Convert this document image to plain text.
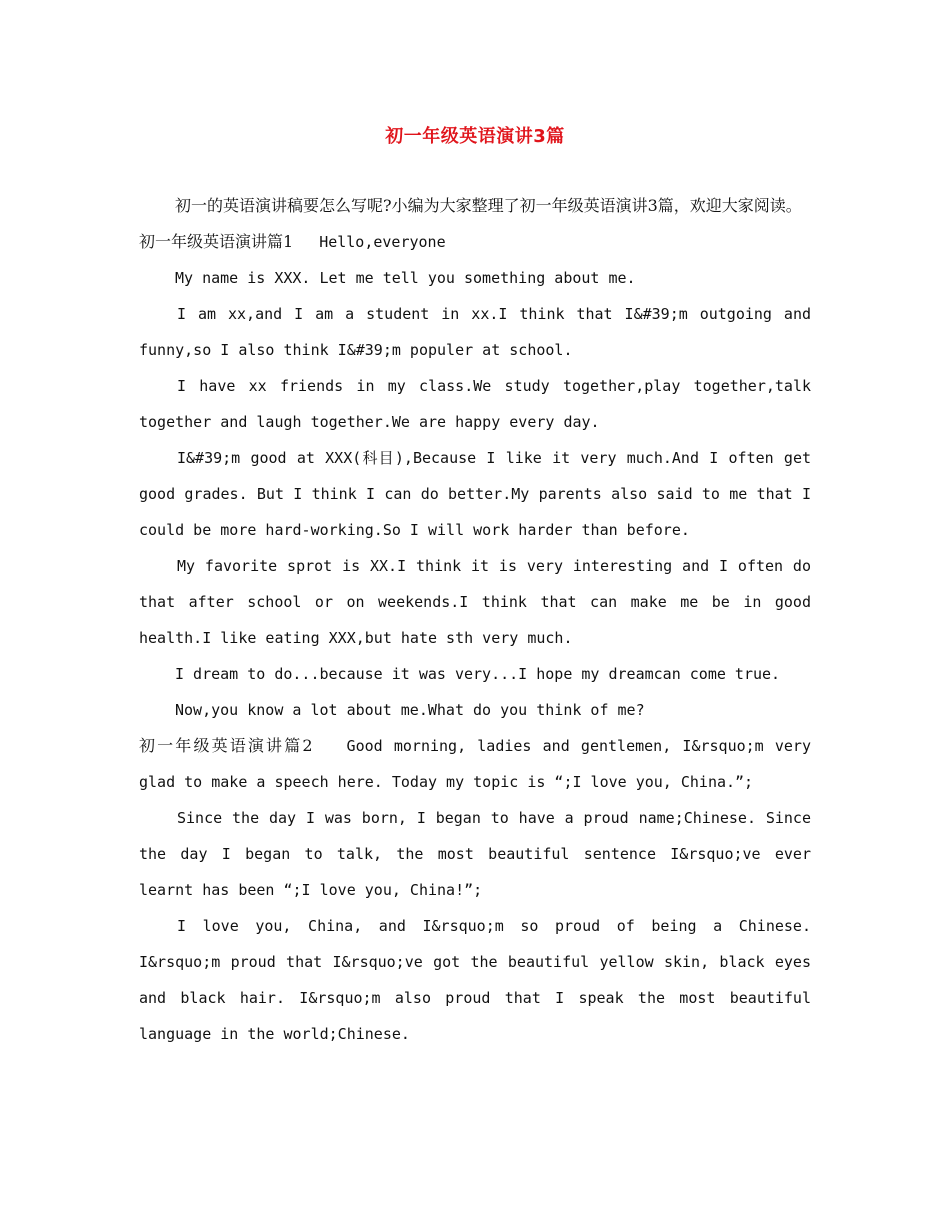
初一年级英语演讲3篇

初一的英语演讲稿要怎么写呢?小编为大家整理了初一年级英语演讲3篇，欢迎大家阅读。

初一年级英语演讲篇1 Hello,everyone

My name is XXX. Let me tell you something about me.

I am xx,and I am a student in xx.I think that I&#39;m outgoing and funny,so I also think I&#39;m populer at school.

I have xx friends in my class.We study together,play together,talk together and laugh together.We are happy every day.

I&#39;m good at XXX(科目),Because I like it very much.And I often get good grades. But I think I can do better.My parents also said to me that I could be more hard-working.So I will work harder than before.

My favorite sprot is XX.I think it is very interesting and I often do that after school or on weekends.I think that can make me be in good health.I like eating XXX,but hate sth very much.

I dream to do...because it was very...I hope my dreamcan come true.

Now,you know a lot about me.What do you think of me?

初一年级英语演讲篇2 Good morning, ladies and gentlemen, I&rsquo;m very glad to make a speech here. Today my topic is “;I love you, China.”;

Since the day I was born, I began to have a proud name;Chinese. Since the day I began to talk, the most beautiful sentence I&rsquo;ve ever learnt has been “;I love you, China!”;

I love you, China, and I&rsquo;m so proud of being a Chinese. I&rsquo;m proud that I&rsquo;ve got the beautiful yellow skin, black eyes and black hair. I&rsquo;m also proud that I speak the most beautiful language in the world;Chinese.
